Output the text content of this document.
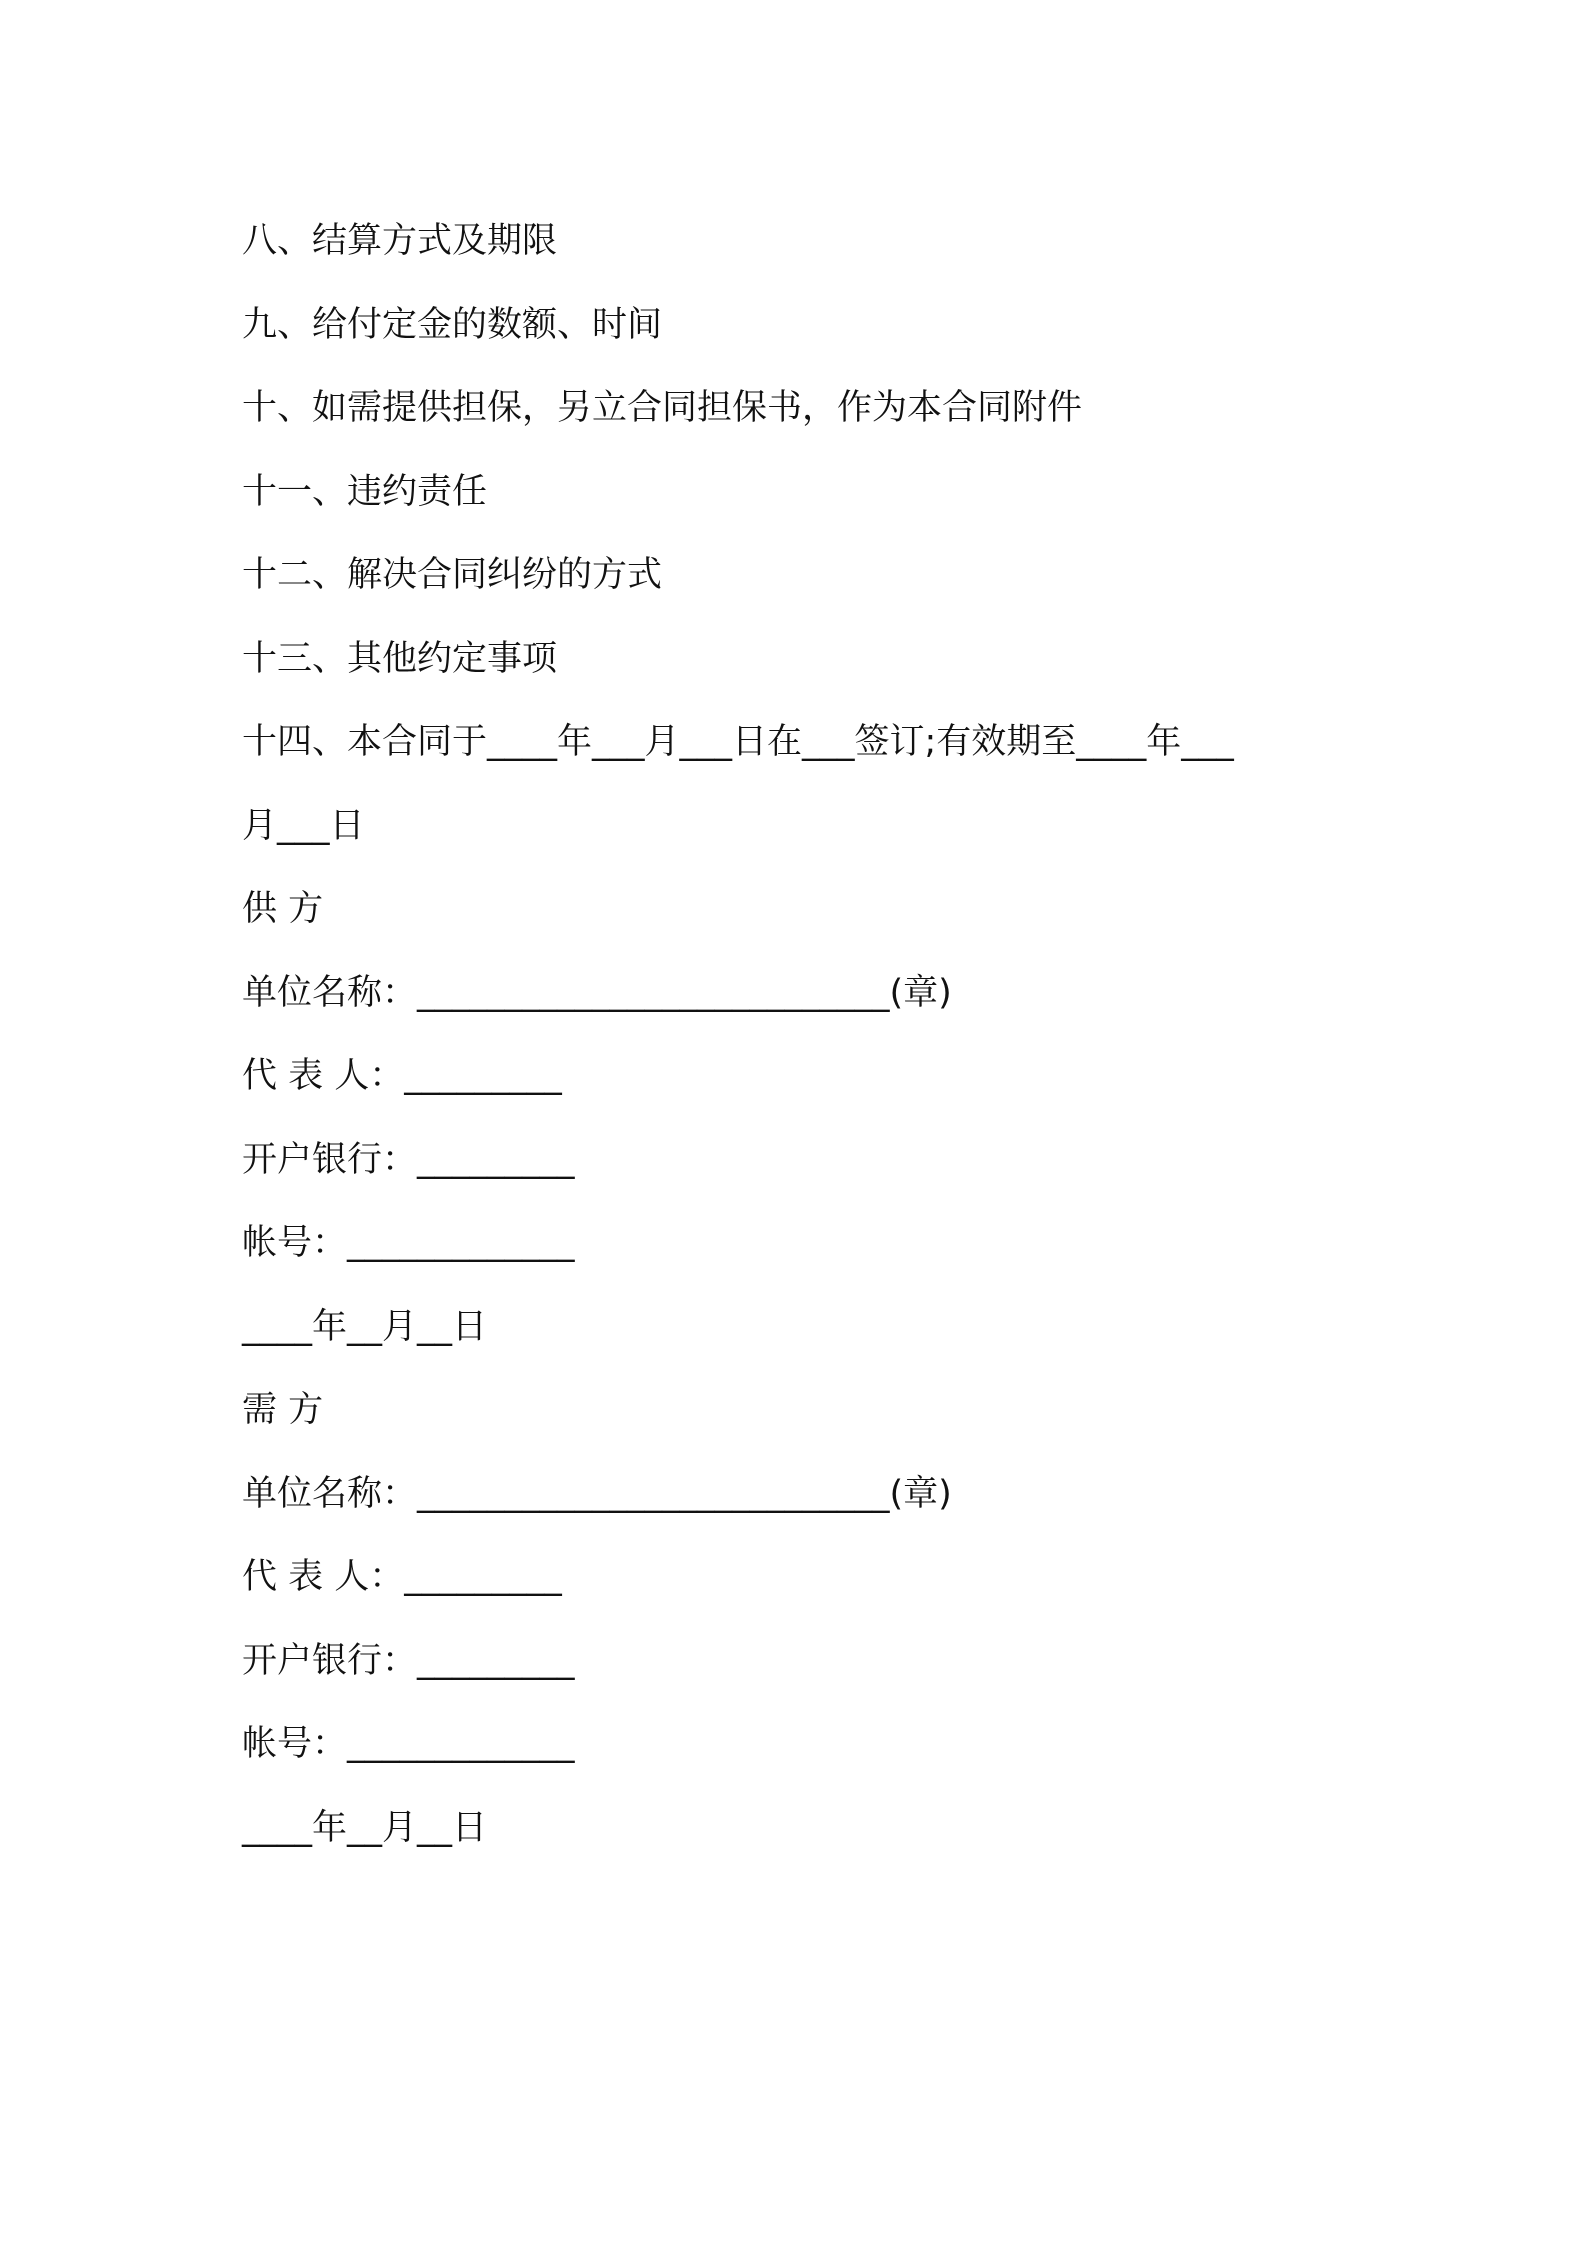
八、结算方式及期限
九、给付定金的数额、时间
十、如需提供担保，另立合同担保书，作为本合同附件
十一、违约责任
十二、解决合同纠纷的方式
十三、其他约定事项
十四、本合同于____年___月___日在___签订;有效期至____年___
月___日
供 方
单位名称：___________________________(章)
代 表 人：_________
开户银行：_________
帐号：_____________
____年__月__日
需 方
单位名称：___________________________(章)
代 表 人：_________
开户银行：_________
帐号：_____________
____年__月__日
